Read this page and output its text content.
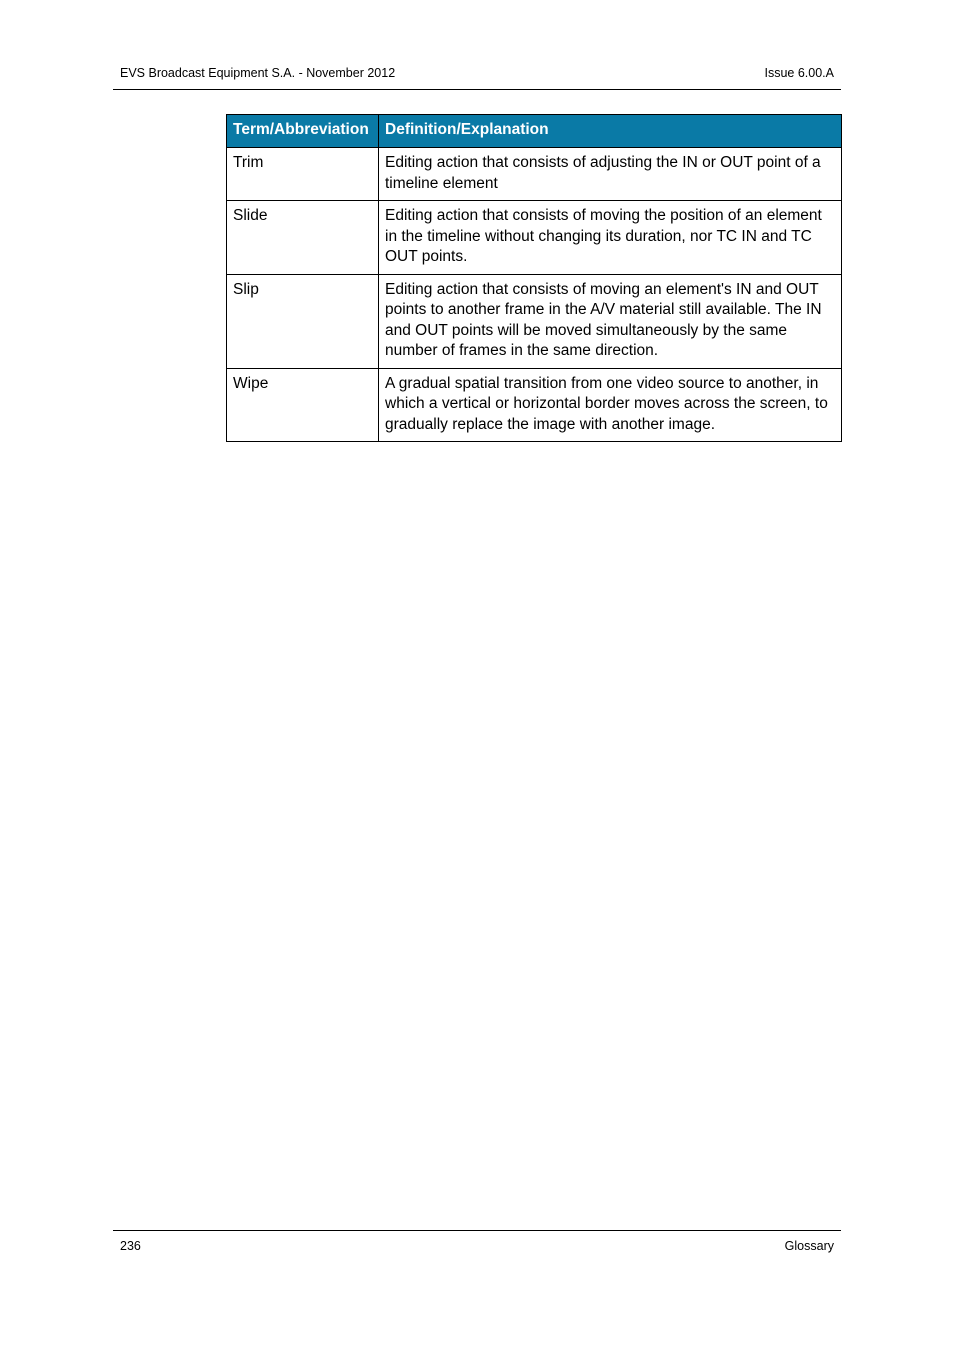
EVS Broadcast Equipment S.A. - November 2012	Issue 6.00.A
Term/Abbreviation	Definition/Explanation
Trim	Editing action that consists of adjusting the IN or OUT point of a timeline element
Slide	Editing action that consists of moving the position of an element in the timeline without changing its duration, nor TC IN and TC OUT points.
Slip	Editing action that consists of moving an element's IN and OUT points to another frame in the A/V material still available. The IN and OUT points will be moved simultaneously by the same number of frames in the same direction.
Wipe	A gradual spatial transition from one video source to another, in which a vertical or horizontal border moves across the screen, to gradually replace the image with another image.
236	Glossary
